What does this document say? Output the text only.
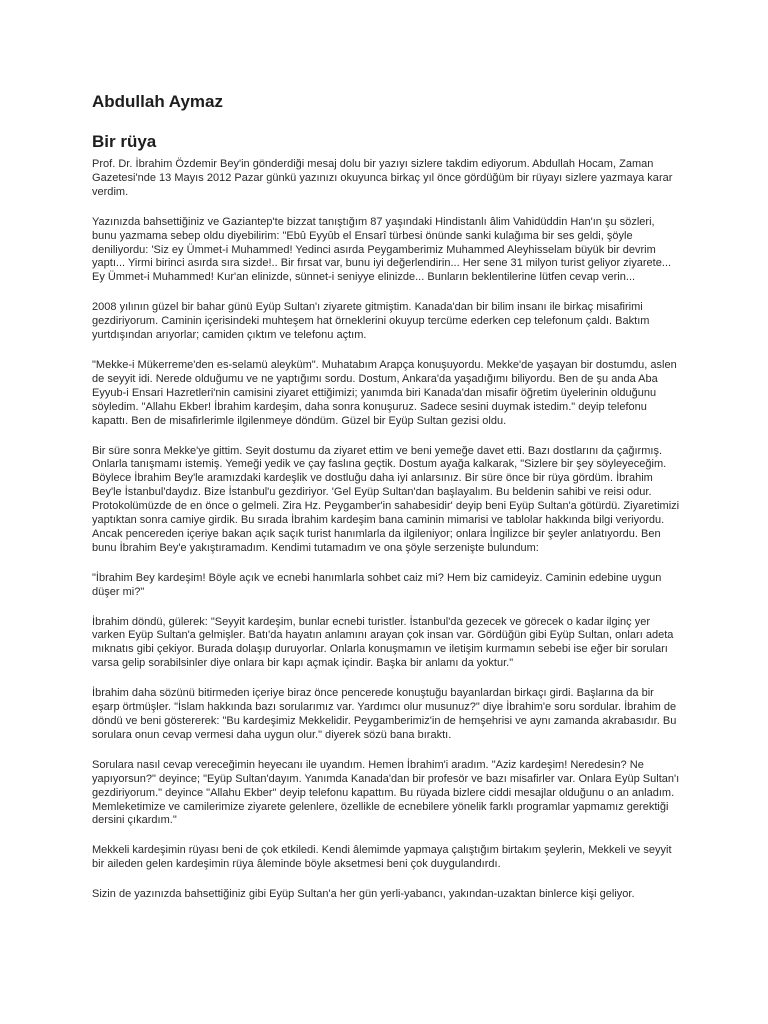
Abdullah Aymaz
Bir rüya

Prof. Dr. İbrahim Özdemir Bey'in gönderdiği mesaj dolu bir yazıyı sizlere takdim ediyorum. Abdullah Hocam, Zaman Gazetesi'nde 13 Mayıs 2012 Pazar günkü yazınızı okuyunca birkaç yıl önce gördüğüm bir rüyayı sizlere yazmaya karar verdim.

Yazınızda bahsettiğiniz ve Gaziantep'te bizzat tanıştığım 87 yaşındaki Hindistanlı âlim Vahidüddin Han'ın şu sözleri, bunu yazmama sebep oldu diyebilirim: "Ebû Eyyûb el Ensarî türbesi önünde sanki kulağıma bir ses geldi, şöyle deniliyordu: 'Siz ey Ümmet-i Muhammed! Yedinci asırda Peygamberimiz Muhammed Aleyhisselam büyük bir devrim yaptı... Yirmi birinci asırda sıra sizde!.. Bir fırsat var, bunu iyi değerlendirin... Her sene 31 milyon turist geliyor ziyarete... Ey Ümmet-i Muhammed! Kur'an elinizde, sünnet-i seniyye elinizde... Bunların beklentilerine lütfen cevap verin...

2008 yılının güzel bir bahar günü Eyüp Sultan'ı ziyarete gitmiştim. Kanada'dan bir bilim insanı ile birkaç misafirimi gezdiriyorum. Caminin içerisindeki muhteşem hat örneklerini okuyup tercüme ederken cep telefonum çaldı. Baktım yurtdışından arıyorlar; camiden çıktım ve telefonu açtım.

"Mekke-i Mükerreme'den es-selamü aleyküm". Muhatabım Arapça konuşuyordu. Mekke'de yaşayan bir dostumdu, aslen de seyyit idi. Nerede olduğumu ve ne yaptığımı sordu. Dostum, Ankara'da yaşadığımı biliyordu. Ben de şu anda Aba Eyyub-i Ensari Hazretleri'nin camisini ziyaret ettiğimizi; yanımda biri Kanada'dan misafir öğretim üyelerinin olduğunu söyledim. "Allahu Ekber! İbrahim kardeşim, daha sonra konuşuruz. Sadece sesini duymak istedim." deyip telefonu kapattı. Ben de misafirlerimle ilgilenmeye döndüm. Güzel bir Eyüp Sultan gezisi oldu.

Bir süre sonra Mekke'ye gittim. Seyit dostumu da ziyaret ettim ve beni yemeğe davet etti. Bazı dostlarını da çağırmış. Onlarla tanışmamı istemiş. Yemeği yedik ve çay faslına geçtik. Dostum ayağa kalkarak, "Sizlere bir şey söyleyeceğim. Böylece İbrahim Bey'le aramızdaki kardeşlik ve dostluğu daha iyi anlarsınız. Bir süre önce bir rüya gördüm. İbrahim Bey'le İstanbul'daydız. Bize İstanbul'u gezdiriyor. 'Gel Eyüp Sultan'dan başlayalım. Bu beldenin sahibi ve reisi odur. Protokolümüzde de en önce o gelmeli. Zira Hz. Peygamber'in sahabesidir' deyip beni Eyüp Sultan'a götürdü. Ziyaretimizi yaptıktan sonra camiye girdik. Bu sırada İbrahim kardeşim bana caminin mimarisi ve tablolar hakkında bilgi veriyordu. Ancak pencereden içeriye bakan açık saçık turist hanımlarla da ilgileniyor; onlara İngilizce bir şeyler anlatıyordu. Ben bunu İbrahim Bey'e yakıştıramadım. Kendimi tutamadım ve ona şöyle serzenişte bulundum:

"İbrahim Bey kardeşim! Böyle açık ve ecnebi hanımlarla sohbet caiz mi? Hem biz camideyiz. Caminin edebine uygun düşer mi?"

İbrahim döndü, gülerek: "Seyyit kardeşim, bunlar ecnebi turistler. İstanbul'da gezecek ve görecek o kadar ilginç yer varken Eyüp Sultan'a gelmişler. Batı'da hayatın anlamını arayan çok insan var. Gördüğün gibi Eyüp Sultan, onları adeta mıknatıs gibi çekiyor. Burada dolaşıp duruyorlar. Onlarla konuşmamın ve iletişim kurmamın sebebi ise eğer bir soruları varsa gelip sorabilsinler diye onlara bir kapı açmak içindir. Başka bir anlamı da yoktur."

İbrahim daha sözünü bitirmeden içeriye biraz önce pencerede konuştuğu bayanlardan birkaçı girdi. Başlarına da bir eşarp örtmüşler. "İslam hakkında bazı sorularımız var. Yardımcı olur musunuz?" diye İbrahim'e soru sordular. İbrahim de döndü ve beni göstererek: "Bu kardeşimiz Mekkelidir. Peygamberimiz'in de hemşehrisi ve aynı zamanda akrabasıdır. Bu sorulara onun cevap vermesi daha uygun olur." diyerek sözü bana bıraktı.

Sorulara nasıl cevap vereceğimin heyecanı ile uyandım. Hemen İbrahim'i aradım. "Aziz kardeşim! Neredesin? Ne yapıyorsun?" deyince; "Eyüp Sultan'dayım. Yanımda Kanada'dan bir profesör ve bazı misafirler var. Onlara Eyüp Sultan'ı gezdiriyorum." deyince "Allahu Ekber" deyip telefonu kapattım. Bu rüyada bizlere ciddi mesajlar olduğunu o an anladım. Memleketimize ve camilerimize ziyarete gelenlere, özellikle de ecnebilere yönelik farklı programlar yapmamız gerektiği dersini çıkardım."

Mekkeli kardeşimin rüyası beni de çok etkiledi. Kendi âlemimde yapmaya çalıştığım birtakım şeylerin, Mekkeli ve seyyit bir aileden gelen kardeşimin rüya âleminde böyle aksetmesi beni çok duygulandırdı.

Sizin de yazınızda bahsettiğiniz gibi Eyüp Sultan'a her gün yerli-yabancı, yakından-uzaktan binlerce kişi geliyor.
